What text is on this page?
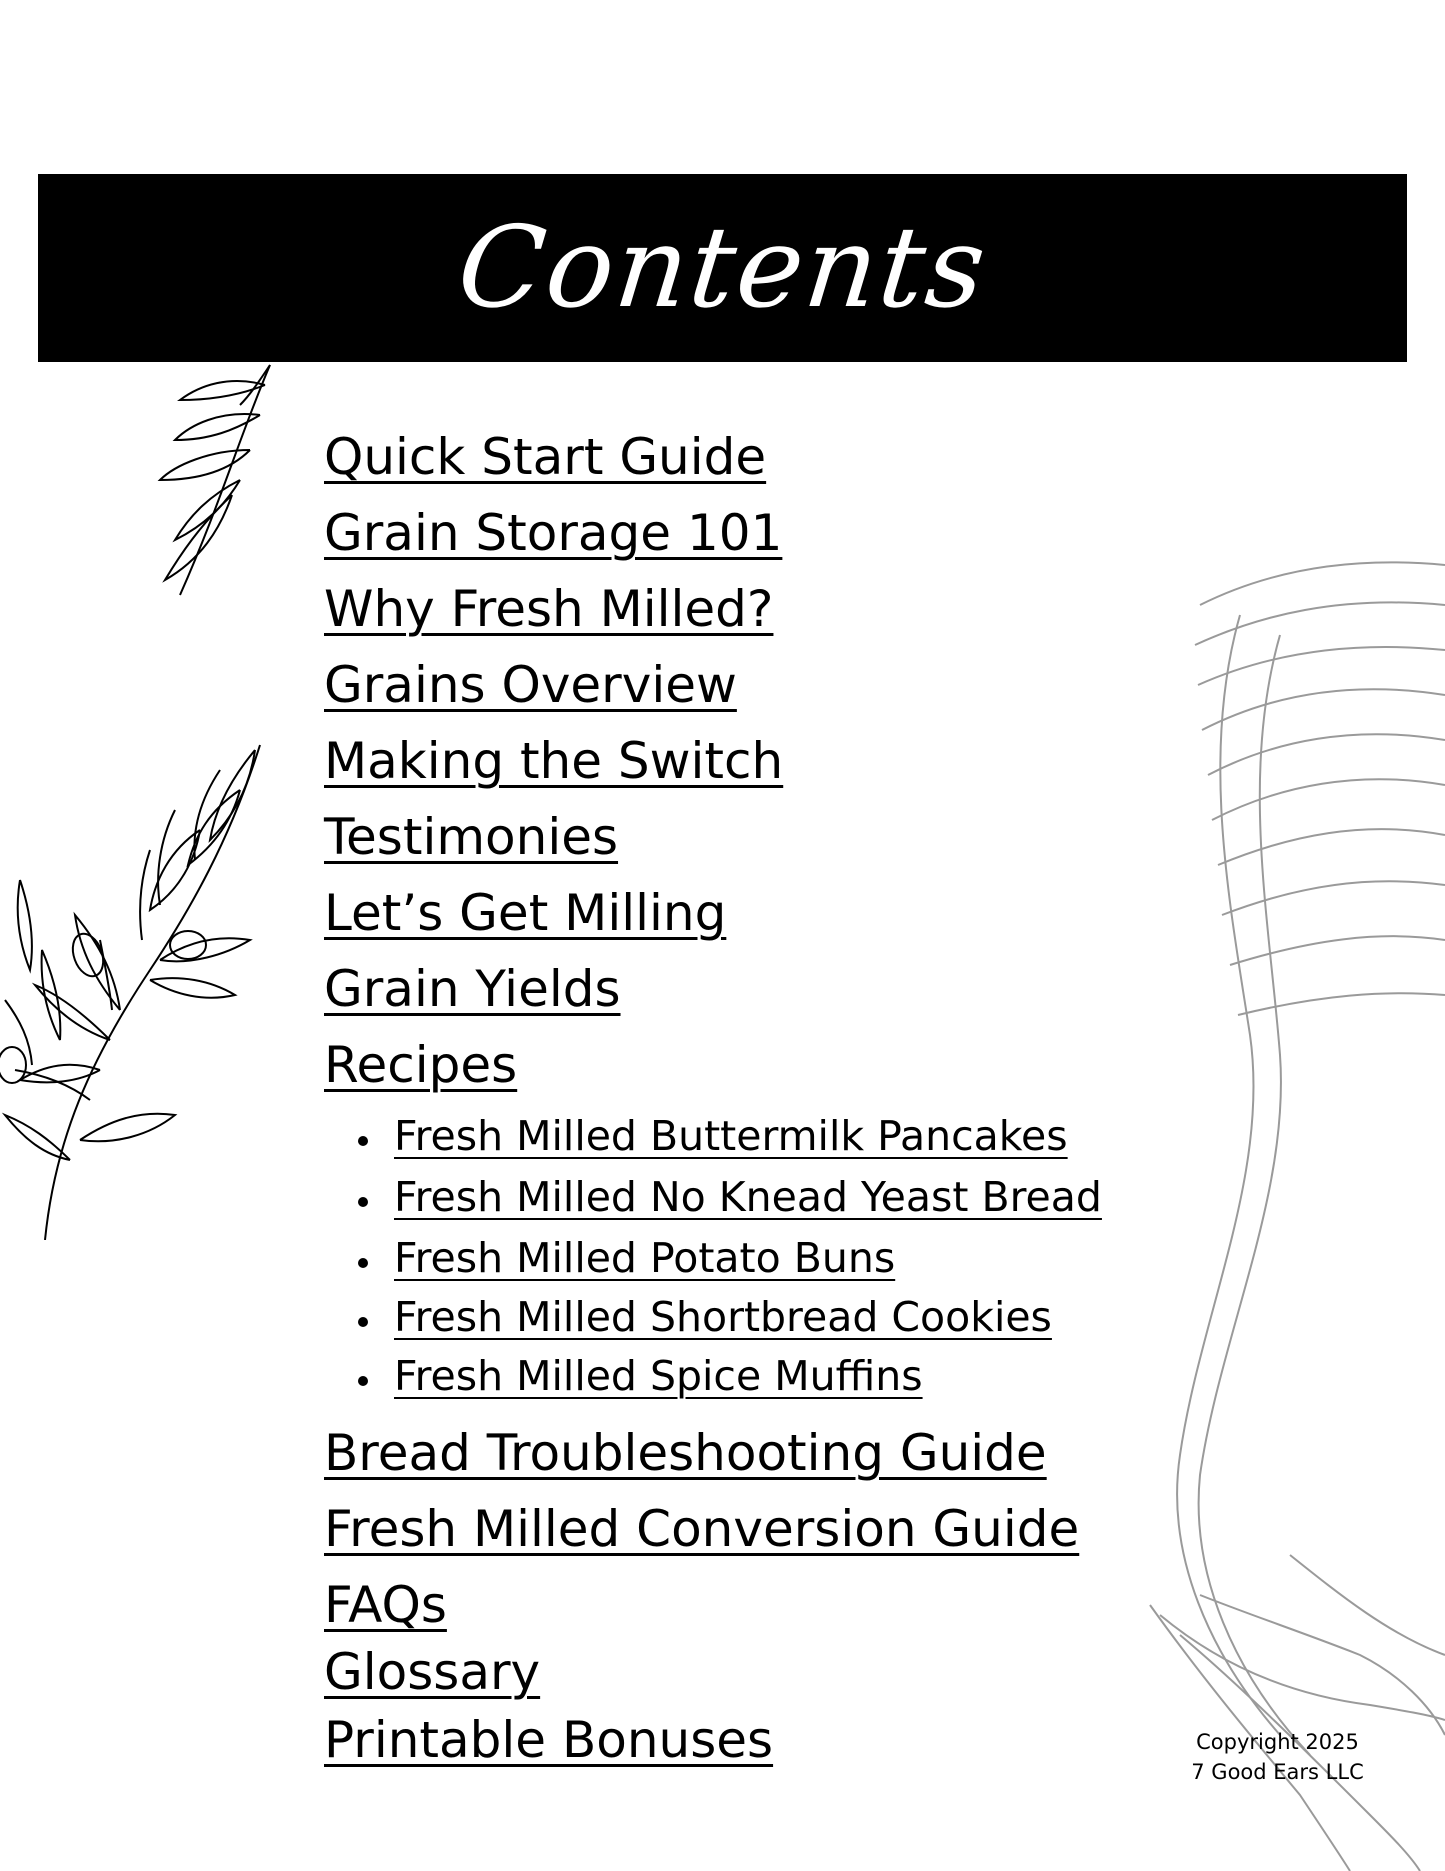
Contents
Quick Start Guide
Grain Storage 101
Why Fresh Milled?
Grains Overview
Making the Switch
Testimonies
Let’s Get Milling
Grain Yields
Recipes
Fresh Milled Buttermilk Pancakes
Fresh Milled No Knead Yeast Bread
Fresh Milled Potato Buns
Fresh Milled Shortbread Cookies
Fresh Milled Spice Muffins
Bread Troubleshooting Guide
Fresh Milled Conversion Guide
FAQs
Glossary
Printable Bonuses	Copyright 2025
7 Good Ears LLC
